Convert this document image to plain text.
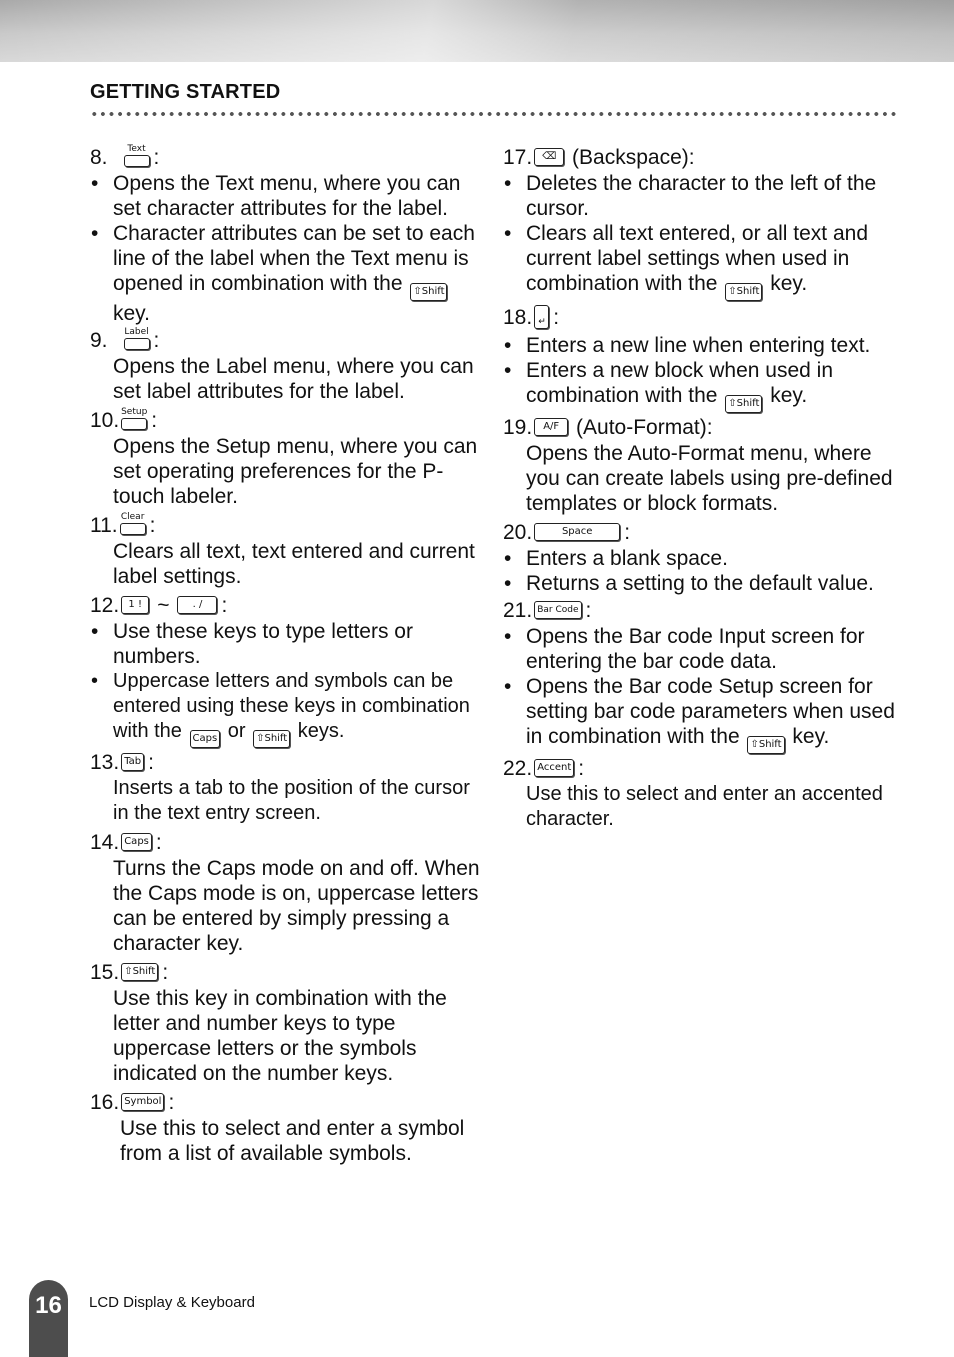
GETTING STARTED
8.	Text :
• Opens the Text menu, where you can set character attributes for the label.
• Character attributes can be set to each line of the label when the Text menu is opened in combination with the ⇧Shift
key.
9.	Label :
Opens the Label menu, where you can set label attributes for the label.
10. Setup :
Opens the Setup menu, where you can set operating preferences for the P-touch labeler.
11. Clear :
Clears all text, text entered and current label settings.
12. 1 ! ~	. / :
• Use these keys to type letters or numbers.
• Uppercase letters and symbols can be entered using these keys in combination with the Caps or ⇧Shift keys.
13. Tab :
Inserts a tab to the position of the cursor in the text entry screen.
14. Caps :
Turns the Caps mode on and off. When the Caps mode is on, uppercase letters can be entered by simply pressing a character key.
15. ⇧Shift :
Use this key in combination with the letter and number keys to type uppercase letters or the symbols indicated on the number keys.
16. Symbol :
Use this to select and enter a symbol from a list of available symbols.
17. ⌫
(Backspace):
• Deletes the character to the left of the cursor.
• Clears all text entered, or all text and current label settings when used in combination with the ⇧Shift key.
18. ↵ :
• Enters a new line when entering text.
• Enters a new block when used in combination with the ⇧Shift key.
19.	A/F
(Auto-Format):
Opens the Auto-Format menu, where you can create labels using pre-defined templates or block formats.
20.	Space	:
• Enters a blank space.
• Returns a setting to the default value.
21. Bar Code :
• Opens the Bar code Input screen for entering the bar code data.
• Opens the Bar code Setup screen for setting bar code parameters when used in combination with the ⇧Shift key.
22. Accent :
Use this to select and enter an accented character.
16	LCD Display & Keyboard
